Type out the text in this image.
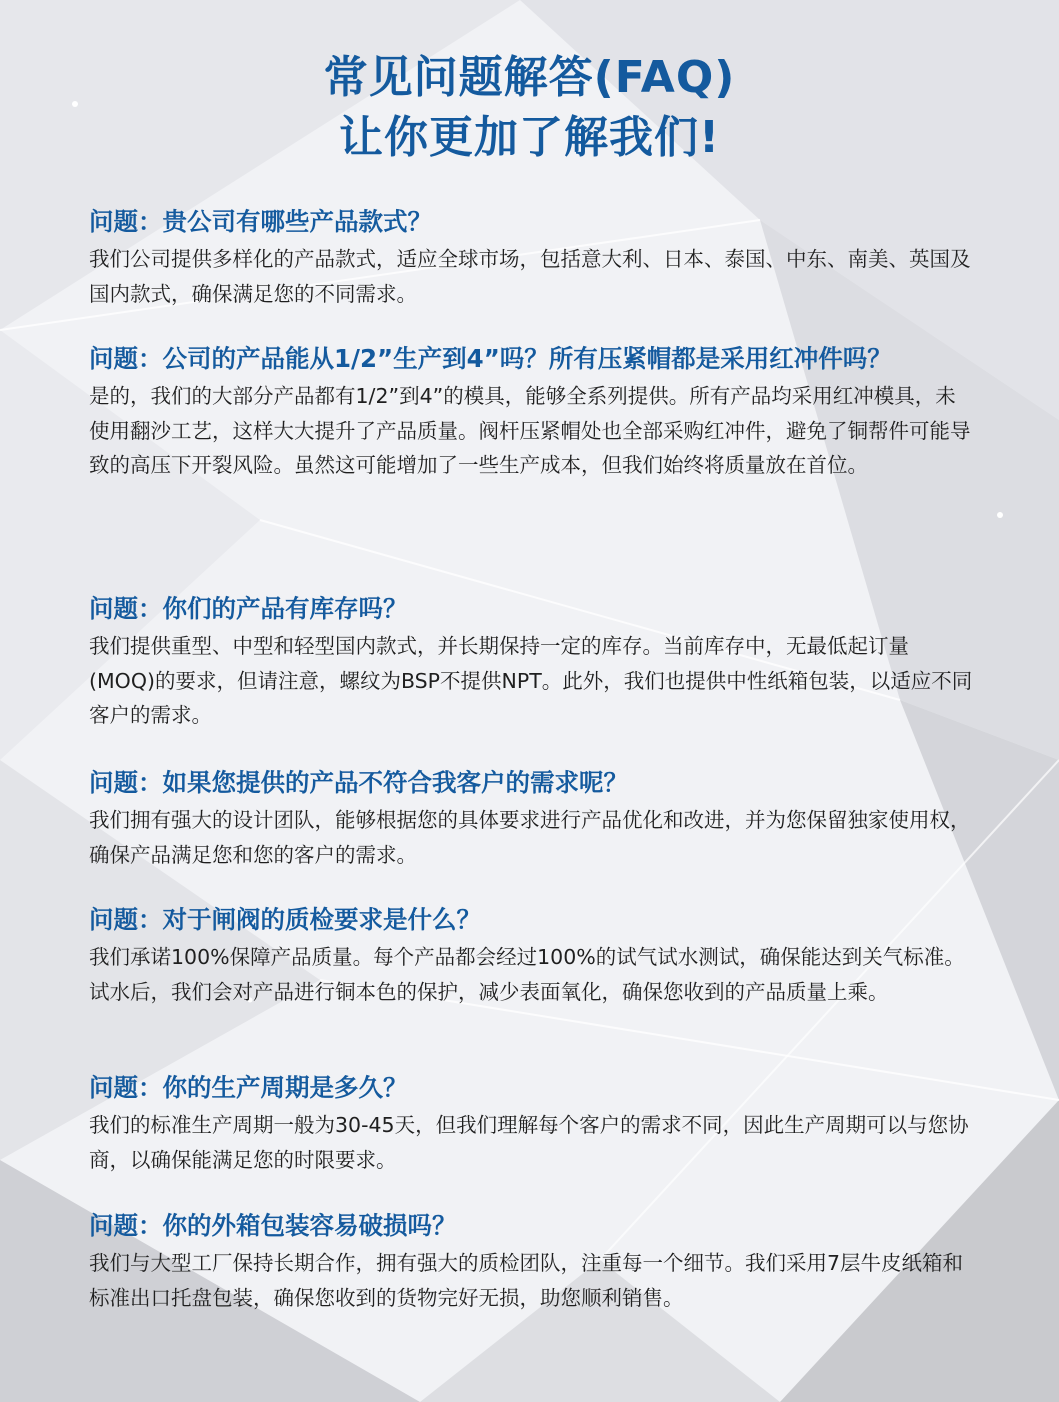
常见问题解答(FAQ)
让你更加了解我们!

问题：贵公司有哪些产品款式？

我们公司提供多样化的产品款式，适应全球市场，包括意大利、日本、泰国、中东、南美、英国及国内款式，确保满足您的不同需求。

问题：公司的产品能从1/2”生产到4”吗？所有压紧帽都是采用红冲件吗？

是的，我们的大部分产品都有1/2”到4”的模具，能够全系列提供。所有产品均采用红冲模具，未使用翻沙工艺，这样大大提升了产品质量。阀杆压紧帽处也全部采购红冲件，避免了铜帮件可能导致的高压下开裂风险。虽然这可能增加了一些生产成本，但我们始终将质量放在首位。

问题：你们的产品有库存吗？

我们提供重型、中型和轻型国内款式，并长期保持一定的库存。当前库存中，无最低起订量(MOQ)的要求，但请注意，螺纹为BSP不提供NPT。此外，我们也提供中性纸箱包装，以适应不同客户的需求。

问题：如果您提供的产品不符合我客户的需求呢？

我们拥有强大的设计团队，能够根据您的具体要求进行产品优化和改进，并为您保留独家使用权，确保产品满足您和您的客户的需求。

问题：对于闸阀的质检要求是什么？

我们承诺100%保障产品质量。每个产品都会经过100%的试气试水测试，确保能达到关气标准。试水后，我们会对产品进行铜本色的保护，减少表面氧化，确保您收到的产品质量上乘。

问题：你的生产周期是多久？

我们的标准生产周期一般为30-45天，但我们理解每个客户的需求不同，因此生产周期可以与您协商，以确保能满足您的时限要求。

问题：你的外箱包装容易破损吗？

我们与大型工厂保持长期合作，拥有强大的质检团队，注重每一个细节。我们采用7层牛皮纸箱和标准出口托盘包装，确保您收到的货物完好无损，助您顺利销售。
